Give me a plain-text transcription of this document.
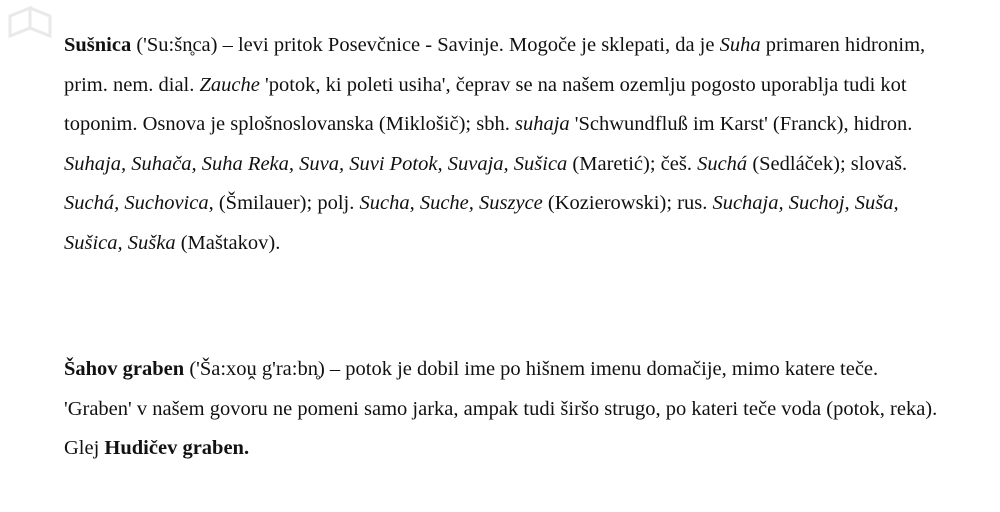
Sušnica ('Su:šn̥ca) – levi pritok Posevčnice - Savinje. Mogoče je sklepati, da je Suha primaren hidronim, prim. nem. dial. Zauche 'potok, ki poleti usiha', čeprav se na našem ozemlju pogosto uporablja tudi kot toponim. Osnova je splošnoslovanska (Miklošič); sbh. suhaja 'Schwundfluß im Karst' (Franck), hidron. Suhaja, Suhača, Suha Reka, Suva, Suvi Potok, Suvaja, Sušica (Maretić); češ. Suchá (Sedláček); slovaš. Suchá, Suchovica, (Šmilauer); polj. Sucha, Suche, Suszyce (Kozierowski); rus. Suchaja, Suchoj, Suša, Sušica, Suška (Maštakov).

Šahov graben ('Ša:xoṷ g'ra:bn̥) – potok je dobil ime po hišnem imenu domačije, mimo katere teče. 'Graben' v našem govoru ne pomeni samo jarka, ampak tudi širšo strugo, po kateri teče voda (potok, reka). Glej Hudičev graben.
